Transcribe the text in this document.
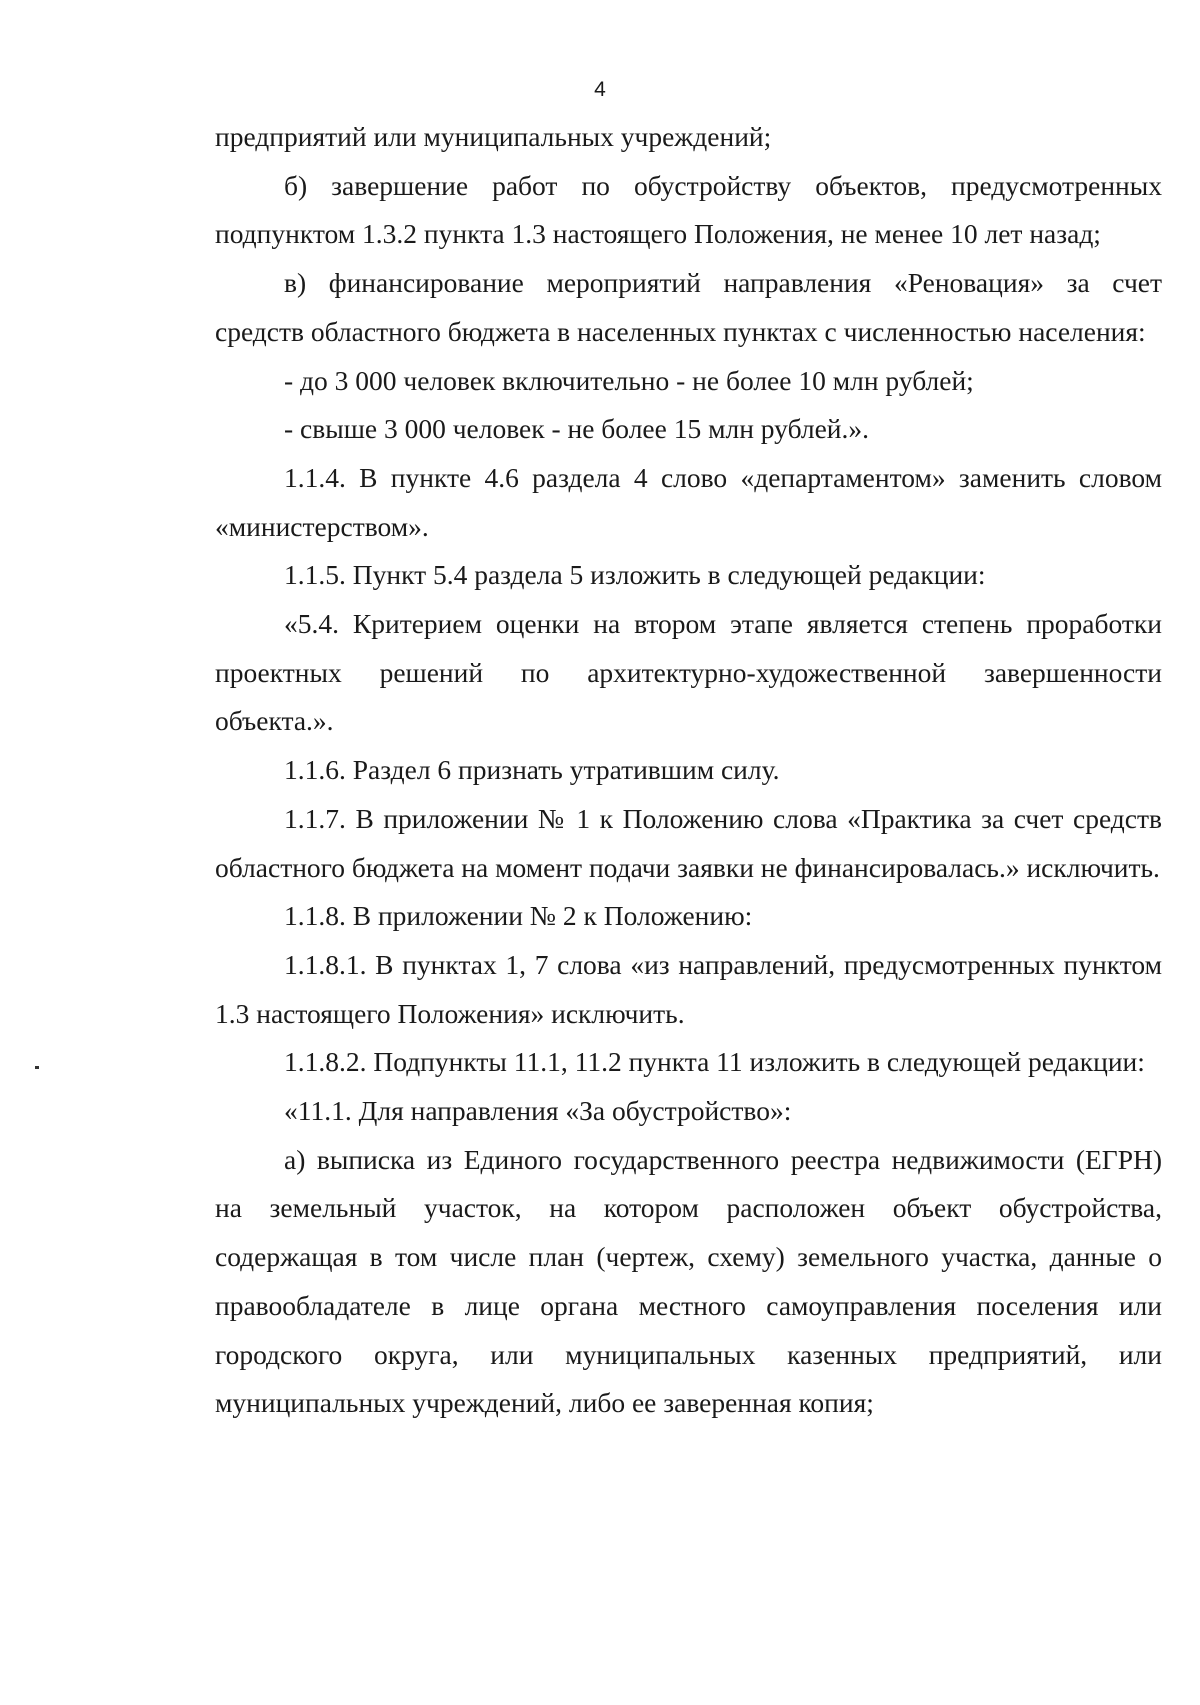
4

предприятий или муниципальных учреждений;

б) завершение работ по обустройству объектов, предусмотренных подпунктом 1.3.2 пункта 1.3 настоящего Положения, не менее 10 лет назад;

в) финансирование мероприятий направления «Реновация» за счет средств областного бюджета в населенных пунктах с численностью населения:

- до 3 000 человек включительно - не более 10 млн рублей;

- свыше 3 000 человек - не более 15 млн рублей.».

1.1.4. В пункте 4.6 раздела 4 слово «департаментом» заменить словом «министерством».

1.1.5. Пункт 5.4 раздела 5 изложить в следующей редакции:

«5.4. Критерием оценки на втором этапе является степень проработки проектных решений по архитектурно-художественной завершенности объекта.».

1.1.6. Раздел 6 признать утратившим силу.

1.1.7. В приложении № 1 к Положению слова «Практика за счет средств областного бюджета на момент подачи заявки не финансировалась.» исключить.

1.1.8. В приложении № 2 к Положению:

1.1.8.1. В пунктах 1, 7 слова «из направлений, предусмотренных пунктом 1.3 настоящего Положения» исключить.

1.1.8.2. Подпункты 11.1, 11.2 пункта 11 изложить в следующей редакции:

«11.1. Для направления «За обустройство»:

а) выписка из Единого государственного реестра недвижимости (ЕГРН) на земельный участок, на котором расположен объект обустройства, содержащая в том числе план (чертеж, схему) земельного участка, данные о правообладателе в лице органа местного самоуправления поселения или городского округа, или муниципальных казенных предприятий, или муниципальных учреждений, либо ее заверенная копия;
